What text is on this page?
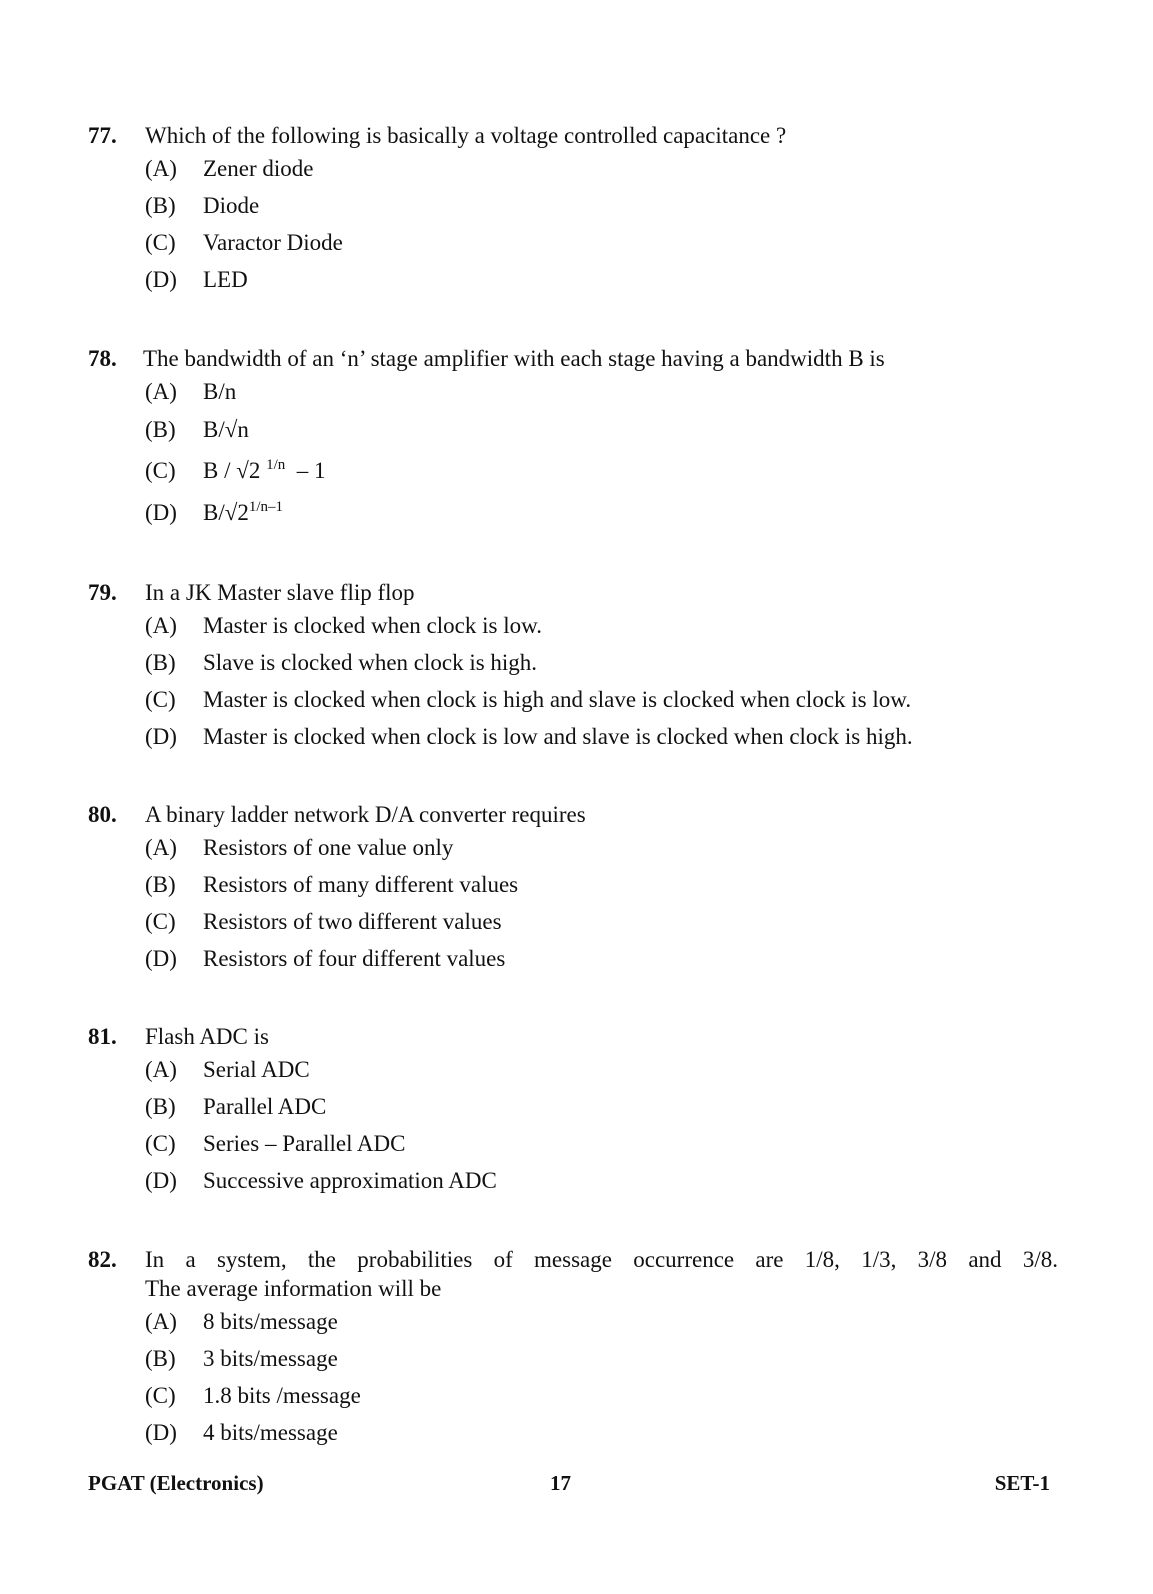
77. Which of the following is basically a voltage controlled capacitance ?
(A) Zener diode
(B) Diode
(C) Varactor Diode
(D) LED
78. The bandwidth of an ‘n’ stage amplifier with each stage having a bandwidth B is
(A) B/n
(B) B/√n
(C) B / √2 $^{1/n}$ – 1
(D) $B/√2^{1/n-1}$
79. In a JK Master slave flip flop
(A) Master is clocked when clock is low.
(B) Slave is clocked when clock is high.
(C) Master is clocked when clock is high and slave is clocked when clock is low.
(D) Master is clocked when clock is low and slave is clocked when clock is high.
80. A binary ladder network D/A converter requires
(A) Resistors of one value only
(B) Resistors of many different values
(C) Resistors of two different values
(D) Resistors of four different values
81. Flash ADC is
(A) Serial ADC
(B) Parallel ADC
(C) Series – Parallel ADC
(D) Successive approximation ADC
82. In a system, the probabilities of message occurrence are 1/8, 1/3, 3/8 and 3/8.
The average information will be
(A) 8 bits/message
(B) 3 bits/message
(C) 1.8 bits /message
(D) 4 bits/message
PGAT (Electronics)	17	SET-1
